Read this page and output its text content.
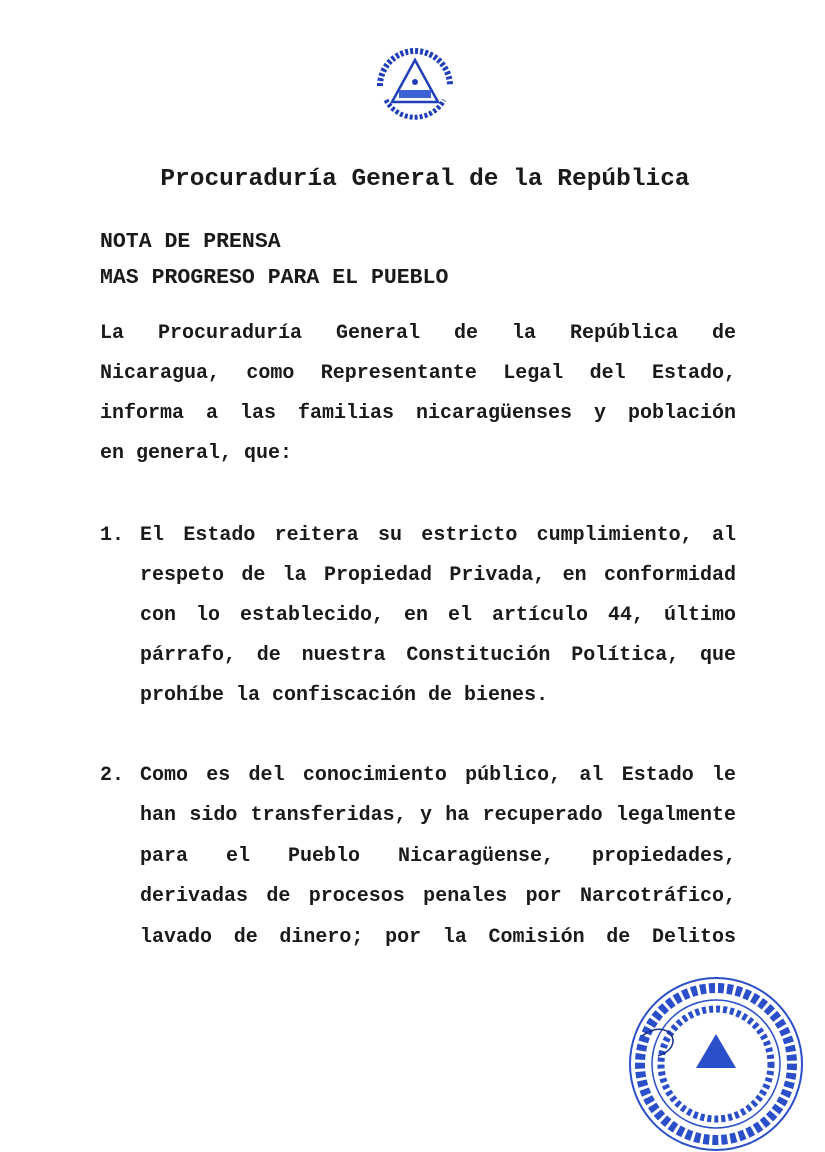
Procuraduría General de la República
NOTA DE PRENSA
MAS PROGRESO PARA EL PUEBLO
La Procuraduría General de la República de
Nicaragua, como Representante Legal del Estado,
informa a las familias nicaragüenses y población
en general, que:
1. El Estado reitera su estricto cumplimiento, al
respeto de la Propiedad Privada, en conformidad
con lo establecido, en el artículo 44, último
párrafo, de nuestra Constitución Política, que
prohíbe la confiscación de bienes.
2. Como es del conocimiento público, al Estado le
han sido transferidas, y ha recuperado legalmente
para el Pueblo Nicaragüense, propiedades,
derivadas de procesos penales por Narcotráfico,
lavado de dinero; por la Comisión de Delitos
